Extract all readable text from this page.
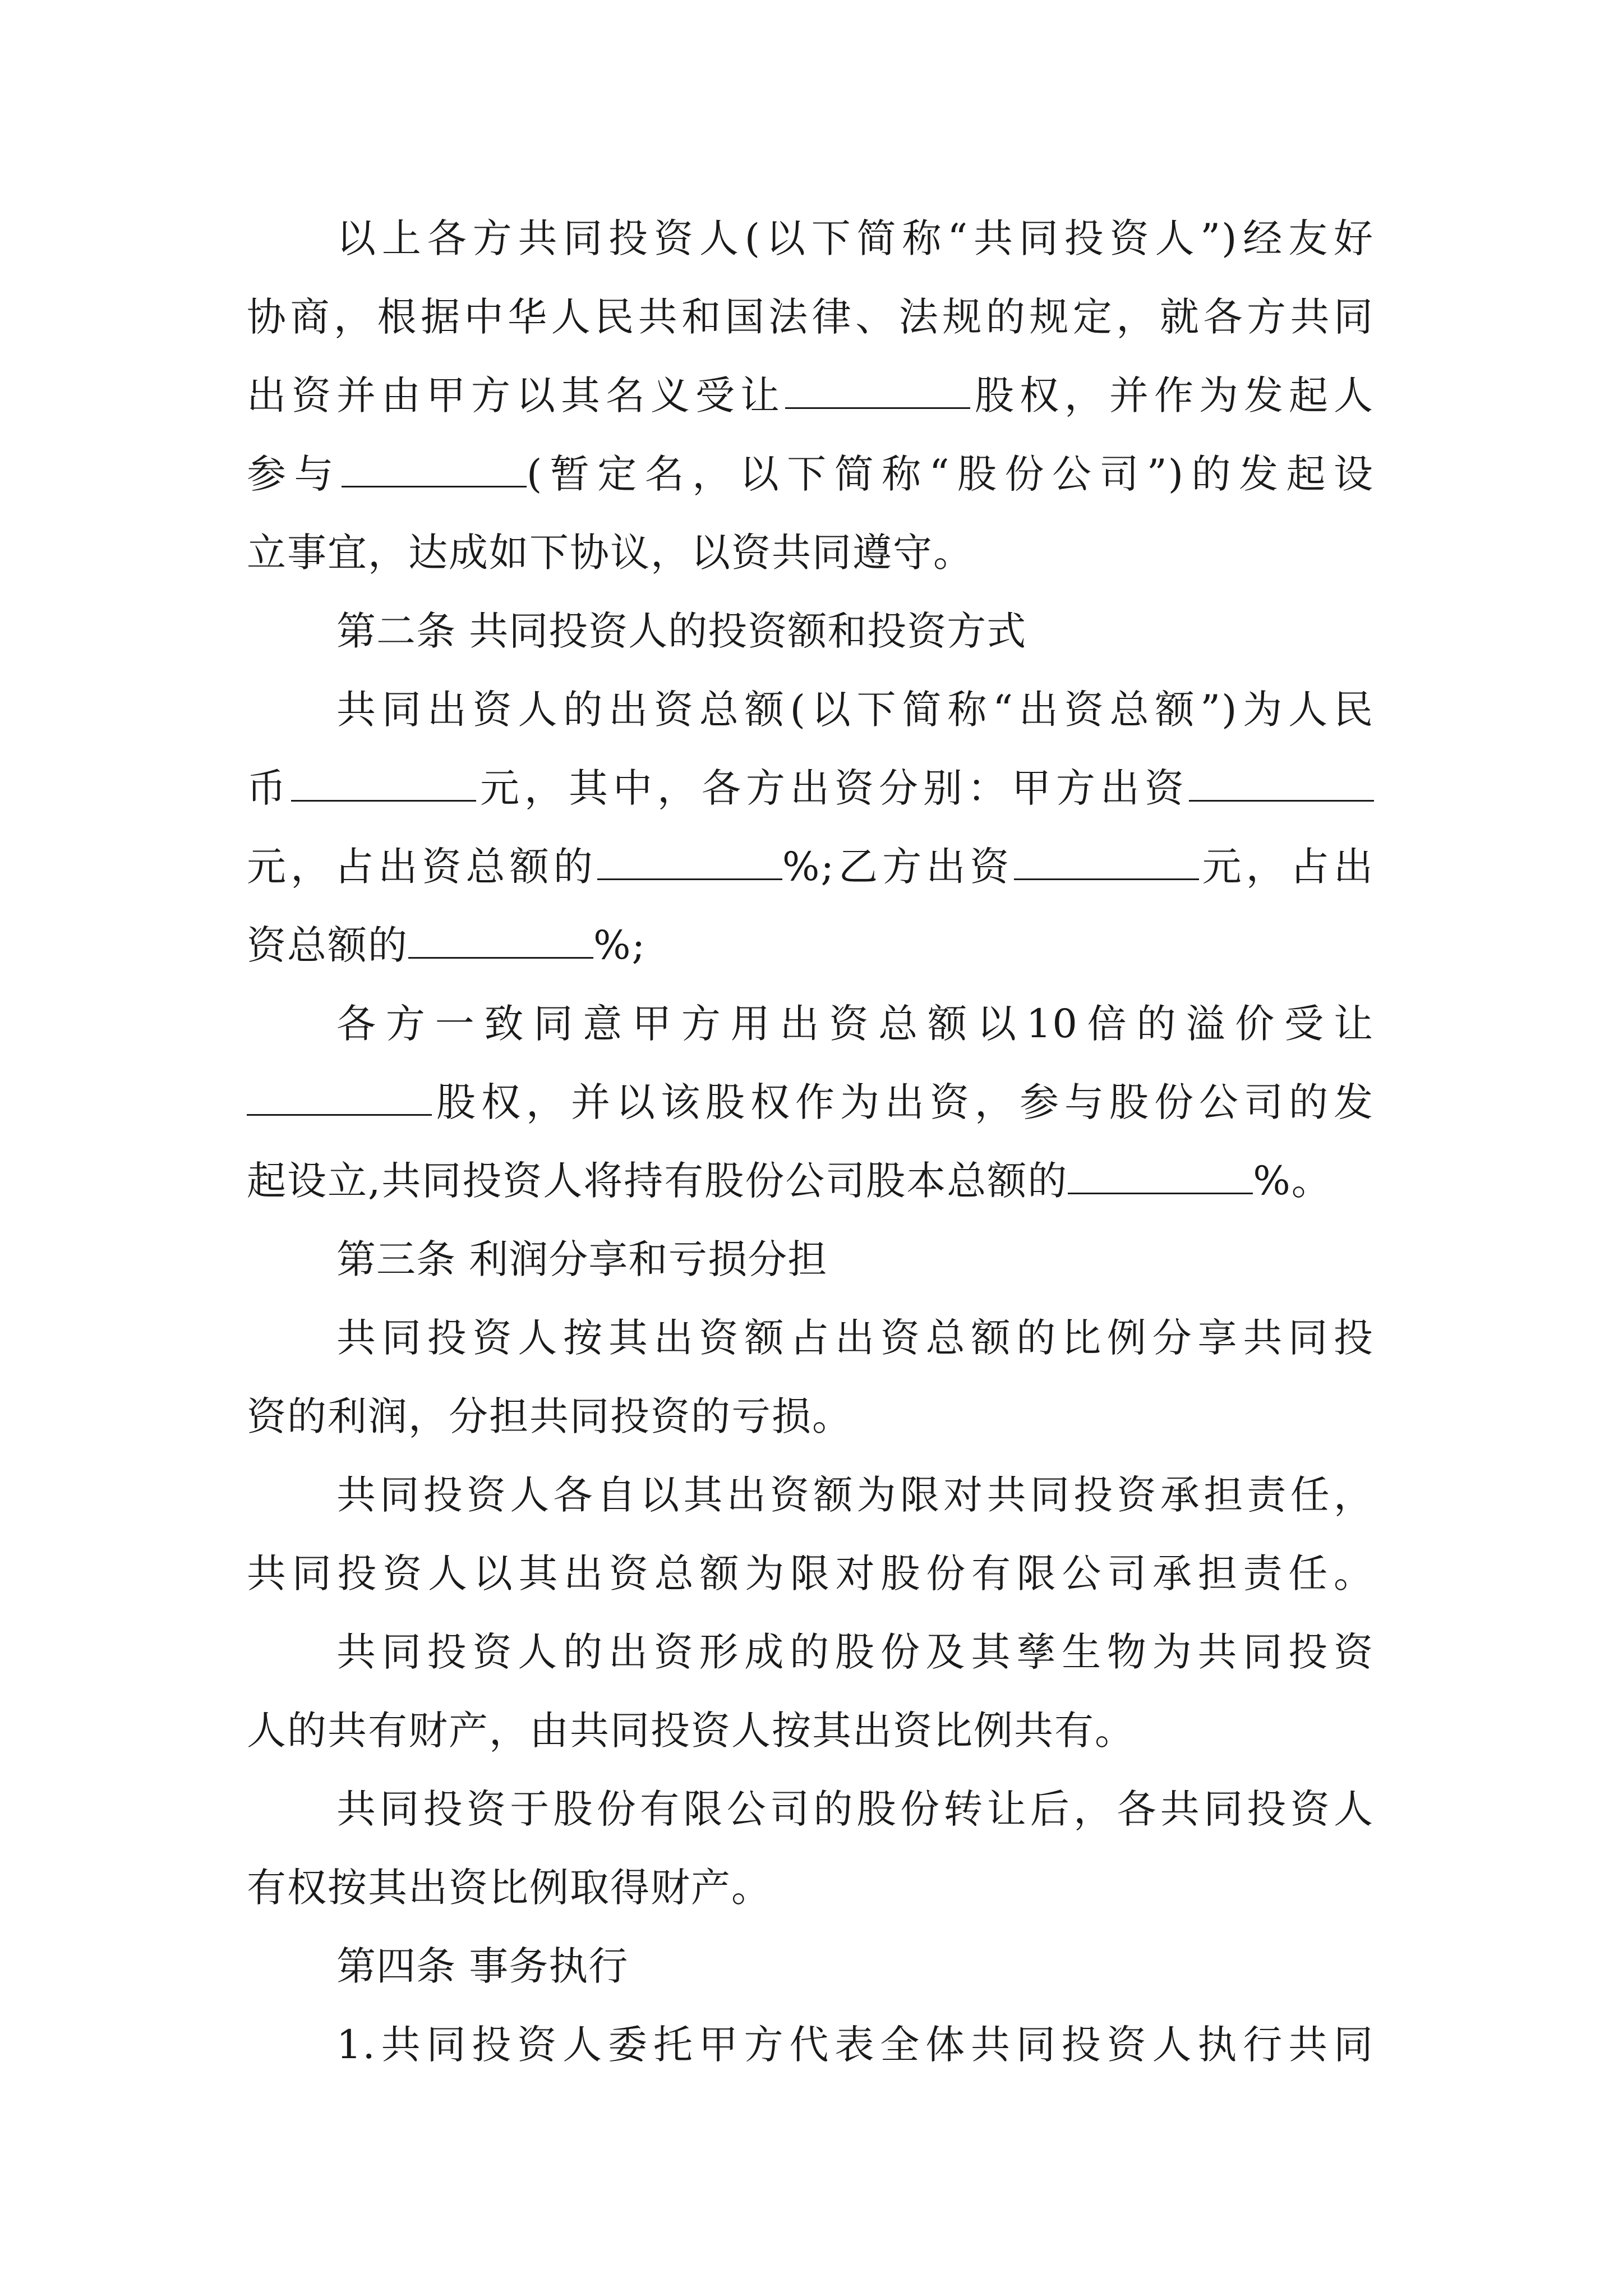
以上各方共同投资人(以下简称“共同投资人”)经友好
协商，根据中华人民共和国法律、法规的规定，就各方共同
出资并由甲方以其名义受让	股权，并作为发起人
参与	(暂定名，以下简称“股份公司”)的发起设
立事宜，达成如下协议，以资共同遵守。
第二条 共同投资人的投资额和投资方式
共同出资人的出资总额(以下简称“出资总额”)为人民
币	元，其中，各方出资分别：甲方出资
元，占出资总额的	%;乙方出资	元，占出
资总额的	%;
各方一致同意甲方用出资总额以10倍的溢价受让
股权，并以该股权作为出资，参与股份公司的发
起设立,共同投资人将持有股份公司股本总额的	%。
第三条 利润分享和亏损分担
共同投资人按其出资额占出资总额的比例分享共同投
资的利润，分担共同投资的亏损。
共同投资人各自以其出资额为限对共同投资承担责任，
共同投资人以其出资总额为限对股份有限公司承担责任。
共同投资人的出资形成的股份及其孳生物为共同投资
人的共有财产，由共同投资人按其出资比例共有。
共同投资于股份有限公司的股份转让后，各共同投资人
有权按其出资比例取得财产。
第四条 事务执行
1.共同投资人委托甲方代表全体共同投资人执行共同
